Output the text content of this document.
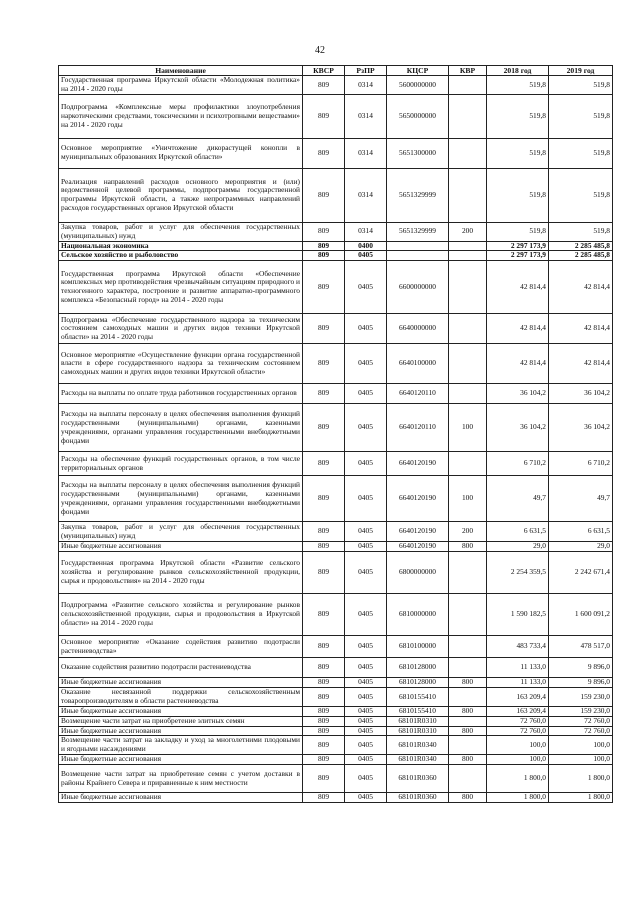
42
Наименование	КВСР	РзПР	КЦСР	КВР	2018 год	2019 год
Государственная программа Иркутской области «Молодежная политика» на 2014 - 2020 годы	809	0314	5600000000		519,8	519,8
Подпрограмма «Комплексные меры профилактики злоупотребления наркотическими средствами, токсическими и психотропными веществами» на 2014 - 2020 годы	809	0314	5650000000		519,8	519,8
Основное мероприятие «Уничтожение дикорастущей конопли в муниципальных образованиях Иркутской области»	809	0314	5651300000		519,8	519,8
Реализация направлений расходов основного мероприятия и (или) ведомственной целевой программы, подпрограммы государственной программы Иркутской области, а также непрограммных направлений расходов государственных органов Иркутской области	809	0314	5651329999		519,8	519,8
Закупка товаров, работ и услуг для обеспечения государственных (муниципальных) нужд	809	0314	5651329999	200	519,8	519,8
Национальная экономика	809	0400			2 297 173,9	2 285 485,8
Сельское хозяйство и рыболовство	809	0405			2 297 173,9	2 285 485,8
Государственная программа Иркутской области «Обеспечение комплексных мер противодействия чрезвычайным ситуациям природного и техногенного характера, построение и развитие аппаратно-программного комплекса «Безопасный город» на 2014 - 2020 годы	809	0405	6600000000		42 814,4	42 814,4
Подпрограмма «Обеспечение государственного надзора за техническим состоянием самоходных машин и других видов техники Иркутской области» на 2014 - 2020 годы	809	0405	6640000000		42 814,4	42 814,4
Основное мероприятие «Осуществление функции органа государственной власти в сфере государственного надзора за техническим состоянием самоходных машин и других видов техники Иркутской области»	809	0405	6640100000		42 814,4	42 814,4
Расходы на выплаты по оплате труда работников государственных органов	809	0405	6640120110		36 104,2	36 104,2
Расходы на выплаты персоналу в целях обеспечения выполнения функций государственными (муниципальными) органами, казенными учреждениями, органами управления государственными внебюджетными фондами	809	0405	6640120110	100	36 104,2	36 104,2
Расходы на обеспечение функций государственных органов, в том числе территориальных органов	809	0405	6640120190		6 710,2	6 710,2
Расходы на выплаты персоналу в целях обеспечения выполнения функций государственными (муниципальными) органами, казенными учреждениями, органами управления государственными внебюджетными фондами	809	0405	6640120190	100	49,7	49,7
Закупка товаров, работ и услуг для обеспечения государственных (муниципальных) нужд	809	0405	6640120190	200	6 631,5	6 631,5
Иные бюджетные ассигнования	809	0405	6640120190	800	29,0	29,0
Государственная программа Иркутской области «Развитие сельского хозяйства и регулирование рынков сельскохозяйственной продукции, сырья и продовольствия» на 2014 - 2020 годы	809	0405	6800000000		2 254 359,5	2 242 671,4
Подпрограмма «Развитие сельского хозяйства и регулирование рынков сельскохозяйственной продукции, сырья и продовольствия в Иркутской области» на 2014 - 2020 годы	809	0405	6810000000		1 590 182,5	1 600 091,2
Основное мероприятие «Оказание содействия развитию подотрасли растениеводства»	809	0405	6810100000		483 733,4	478 517,0
Оказание содействия развитию подотрасли растениеводства	809	0405	6810128000		11 133,0	9 896,0
Иные бюджетные ассигнования	809	0405	6810128000	800	11 133,0	9 896,0
Оказание несвязанной поддержки сельскохозяйственным товаропроизводителям в области растениеводства	809	0405	6810155410		163 209,4	159 230,0
Иные бюджетные ассигнования	809	0405	6810155410	800	163 209,4	159 230,0
Возмещение части затрат на приобретение элитных семян	809	0405	68101R0310		72 760,0	72 760,0
Иные бюджетные ассигнования	809	0405	68101R0310	800	72 760,0	72 760,0
Возмещение части затрат на закладку и уход за многолетними плодовыми и ягодными насаждениями	809	0405	68101R0340		100,0	100,0
Иные бюджетные ассигнования	809	0405	68101R0340	800	100,0	100,0
Возмещение части затрат на приобретение семян с учетом доставки в районы Крайнего Севера и приравненные к ним местности	809	0405	68101R0360		1 800,0	1 800,0
Иные бюджетные ассигнования	809	0405	68101R0360	800	1 800,0	1 800,0
